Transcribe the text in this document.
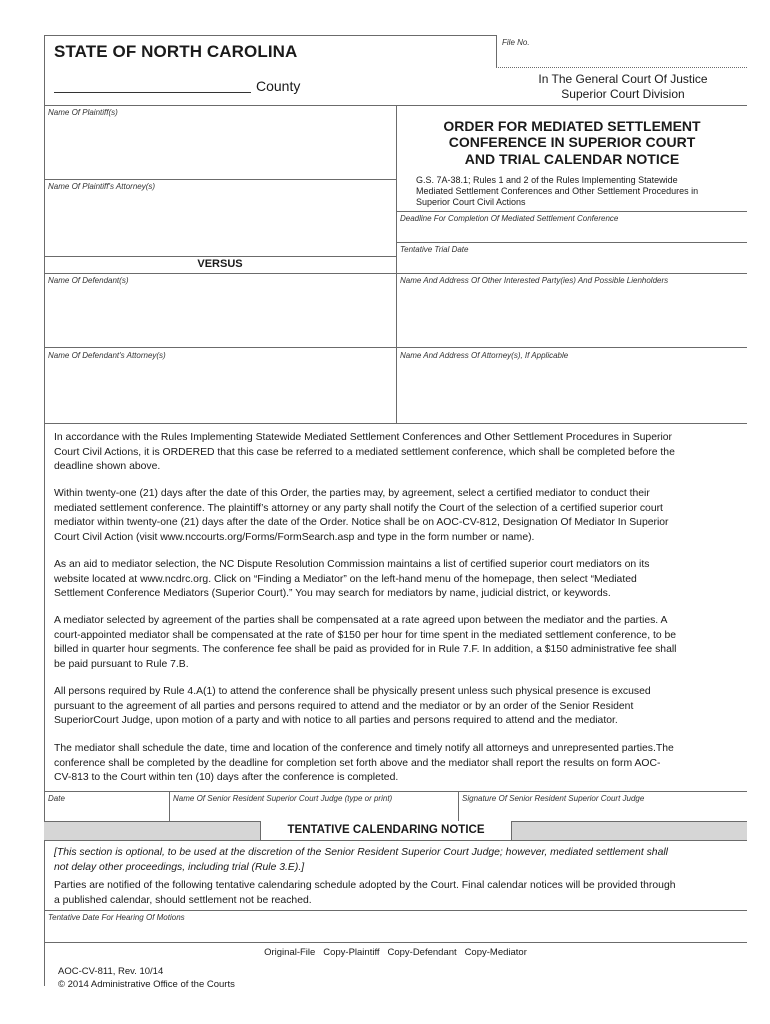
STATE OF NORTH CAROLINA
County
File No.
In The General Court Of Justice
Superior Court Division
Name Of Plaintiff(s)
Name Of Plaintiff's Attorney(s)
VERSUS
Name Of Defendant(s)
Name Of Defendant's Attorney(s)
ORDER FOR MEDIATED SETTLEMENT
CONFERENCE IN SUPERIOR COURT
AND TRIAL CALENDAR NOTICE
G.S. 7A-38.1; Rules 1 and 2 of the Rules Implementing Statewide
Mediated Settlement Conferences and Other Settlement Procedures in
Superior Court Civil Actions
Deadline For Completion Of Mediated Settlement Conference
Tentative Trial Date
Name And Address Of Other Interested Party(ies) And Possible Lienholders
Name And Address Of Attorney(s), If Applicable
In accordance with the Rules Implementing Statewide Mediated Settlement Conferences and Other Settlement Procedures in Superior
Court Civil Actions, it is ORDERED that this case be referred to a mediated settlement conference, which shall be completed before the
deadline shown above.
Within twenty-one (21) days after the date of this Order, the parties may, by agreement, select a certified mediator to conduct their
mediated settlement conference. The plaintiff’s attorney or any party shall notify the Court of the selection of a certified superior court
mediator within twenty-one (21) days after the date of the Order. Notice shall be on AOC-CV-812, Designation Of Mediator In Superior
Court Civil Action (visit www.nccourts.org/Forms/FormSearch.asp and type in the form number or name).
As an aid to mediator selection, the NC Dispute Resolution Commission maintains a list of certified superior court mediators on its
website located at www.ncdrc.org. Click on “Finding a Mediator” on the left-hand menu of the homepage, then select “Mediated
Settlement Conference Mediators (Superior Court).” You may search for mediators by name, judicial district, or keywords.
A mediator selected by agreement of the parties shall be compensated at a rate agreed upon between the mediator and the parties. A
court-appointed mediator shall be compensated at the rate of $150 per hour for time spent in the mediated settlement conference, to be
billed in quarter hour segments. The conference fee shall be paid as provided for in Rule 7.F. In addition, a $150 administrative fee shall
be paid pursuant to Rule 7.B.
All persons required by Rule 4.A(1) to attend the conference shall be physically present unless such physical presence is excused
pursuant to the agreement of all parties and persons required to attend and the mediator or by an order of the Senior Resident
SuperiorCourt Judge, upon motion of a party and with notice to all parties and persons required to attend and the mediator.
The mediator shall schedule the date, time and location of the conference and timely notify all attorneys and unrepresented parties.The
conference shall be completed by the deadline for completion set forth above and the mediator shall report the results on form AOC-
CV-813 to the Court within ten (10) days after the conference is completed.
Date	Name Of Senior Resident Superior Court Judge (type or print)	Signature Of Senior Resident Superior Court Judge
TENTATIVE CALENDARING NOTICE
[This section is optional, to be used at the discretion of the Senior Resident Superior Court Judge; however, mediated settlement shall
not delay other proceedings, including trial (Rule 3.E).]
Parties are notified of the following tentative calendaring schedule adopted by the Court. Final calendar notices will be provided through
a published calendar, should settlement not be reached.
Tentative Date For Hearing Of Motions
Original-File   Copy-Plaintiff   Copy-Defendant   Copy-Mediator
AOC-CV-811, Rev. 10/14
© 2014 Administrative Office of the Courts
